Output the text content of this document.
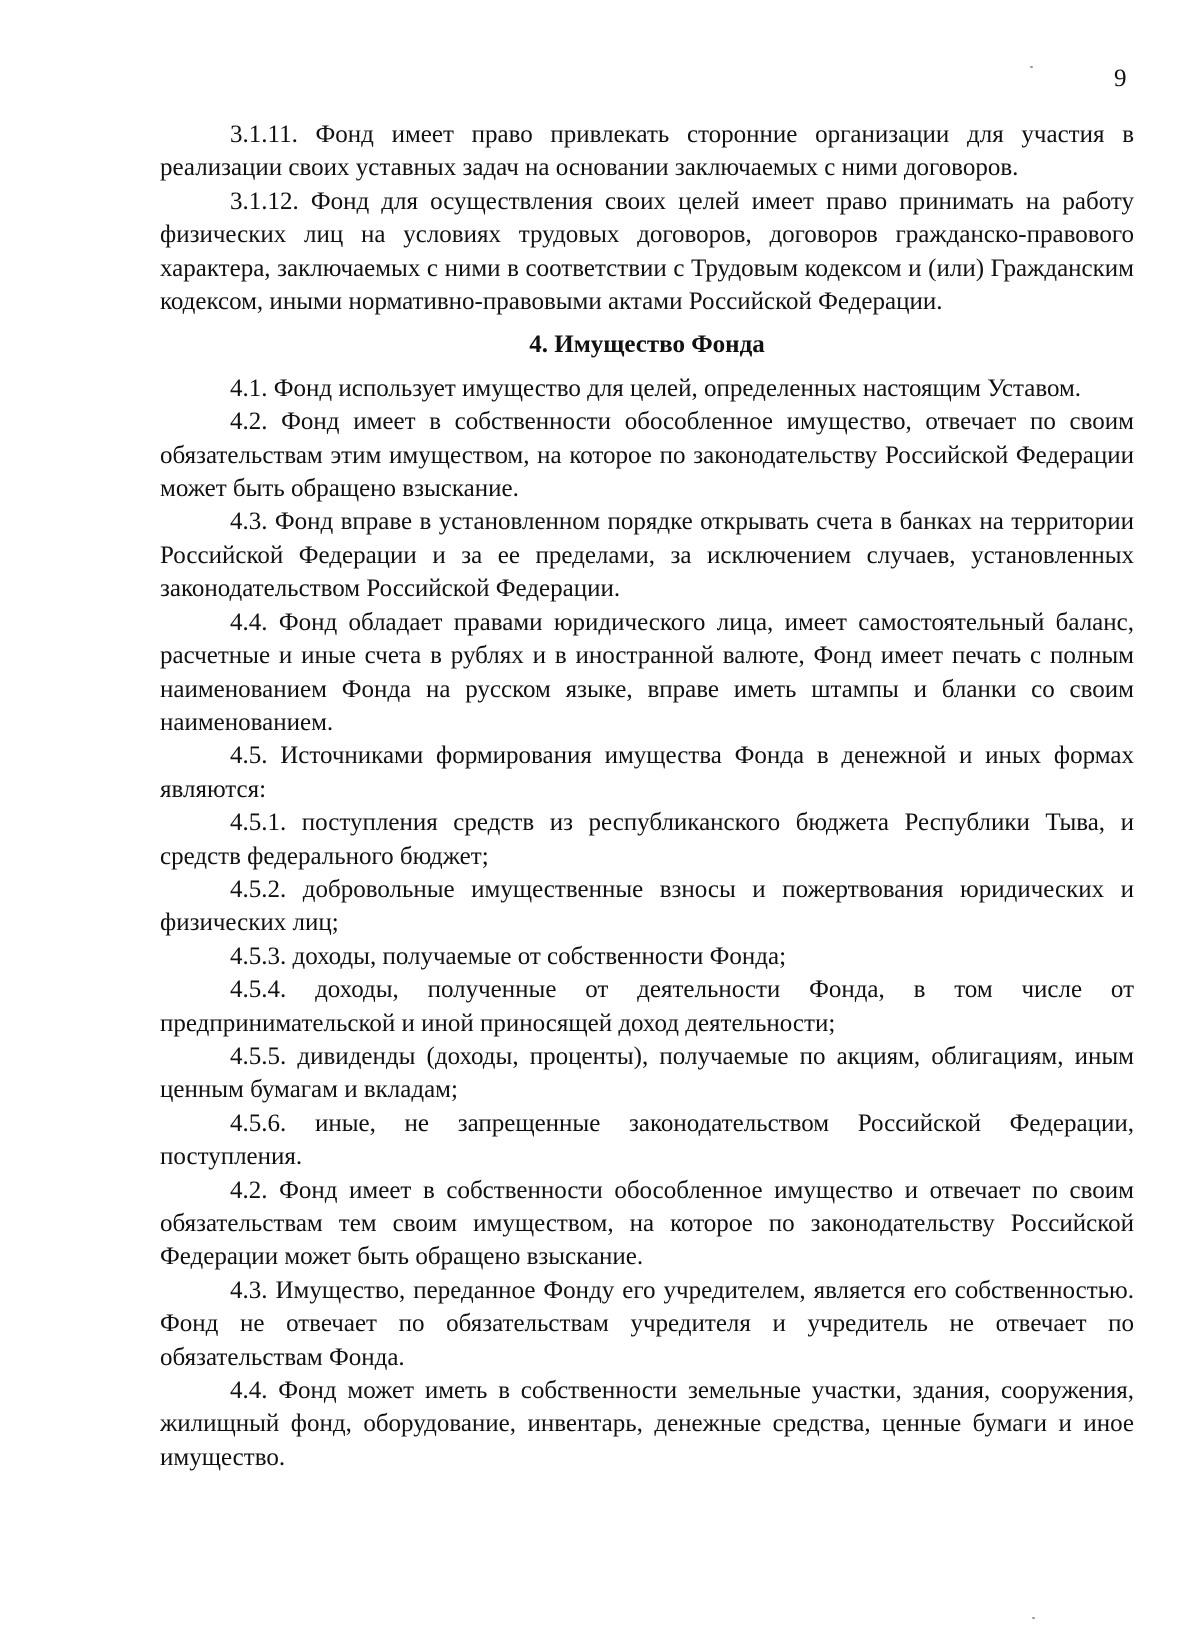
9

3.1.11. Фонд имеет право привлекать сторонние организации для участия в реализации своих уставных задач на основании заключаемых с ними договоров.

3.1.12. Фонд для осуществления своих целей имеет право принимать на работу физических лиц на условиях трудовых договоров, договоров гражданско-правового характера, заключаемых с ними в соответствии с Трудовым кодексом и (или) Гражданским кодексом, иными нормативно-правовыми актами Российской Федерации.

4. Имущество Фонда

4.1. Фонд использует имущество для целей, определенных настоящим Уставом.

4.2. Фонд имеет в собственности обособленное имущество, отвечает по своим обязательствам этим имуществом, на которое по законодательству Российской Федерации может быть обращено взыскание.

4.3. Фонд вправе в установленном порядке открывать счета в банках на территории Российской Федерации и за ее пределами, за исключением случаев, установленных законодательством Российской Федерации.

4.4. Фонд обладает правами юридического лица, имеет самостоятельный баланс, расчетные и иные счета в рублях и в иностранной валюте, Фонд имеет печать с полным наименованием Фонда на русском языке, вправе иметь штампы и бланки со своим наименованием.

4.5. Источниками формирования имущества Фонда в денежной и иных формах являются:

4.5.1. поступления средств из республиканского бюджета Республики Тыва, и средств федерального бюджет;

4.5.2. добровольные имущественные взносы и пожертвования юридических и физических лиц;

4.5.3. доходы, получаемые от собственности Фонда;

4.5.4. доходы, полученные от деятельности Фонда, в том числе от предпринимательской и иной приносящей доход деятельности;

4.5.5. дивиденды (доходы, проценты), получаемые по акциям, облигациям, иным ценным бумагам и вкладам;

4.5.6. иные, не запрещенные законодательством Российской Федерации, поступления.

4.2. Фонд имеет в собственности обособленное имущество и отвечает по своим обязательствам тем своим имуществом, на которое по законодательству Российской Федерации может быть обращено взыскание.

4.3. Имущество, переданное Фонду его учредителем, является его собственностью. Фонд не отвечает по обязательствам учредителя и учредитель не отвечает по обязательствам Фонда.

4.4. Фонд может иметь в собственности земельные участки, здания, сооружения, жилищный фонд, оборудование, инвентарь, денежные средства, ценные бумаги и иное имущество.
